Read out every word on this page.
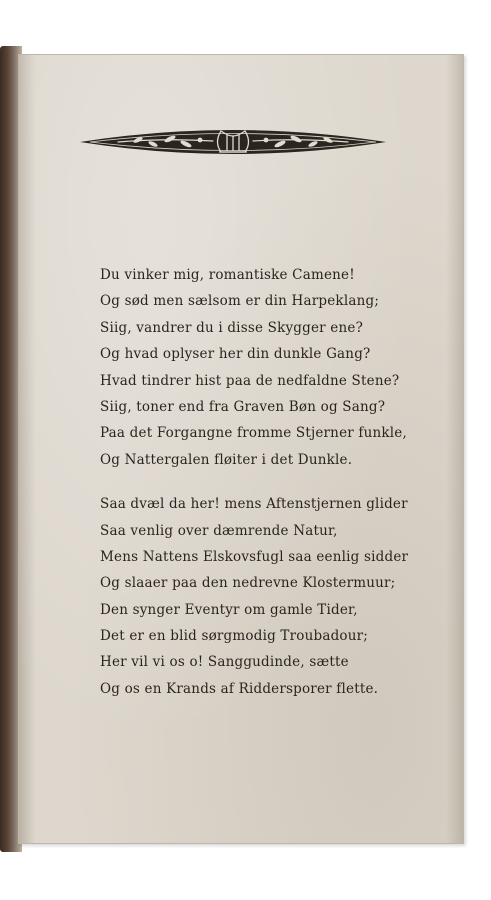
Du vinker mig, romantiske Camene!
Og sød men sælsom er din Harpeklang;
Siig, vandrer du i disse Skygger ene?
Og hvad oplyser her din dunkle Gang?
Hvad tindrer hist paa de nedfaldne Stene?
Siig, toner end fra Graven Bøn og Sang?
Paa det Forgangne fromme Stjerner funkle,
Og Nattergalen fløiter i det Dunkle.
Saa dvæl da her! mens Aftenstjernen glider
Saa venlig over dæmrende Natur,
Mens Nattens Elskovsfugl saa eenlig sidder
Og slaaer paa den nedrevne Klostermuur;
Den synger Eventyr om gamle Tider,
Det er en blid sørgmodig Troubadour;
Her vil vi os o! Sanggudinde, sætte
Og os en Krands af Riddersporer flette.
